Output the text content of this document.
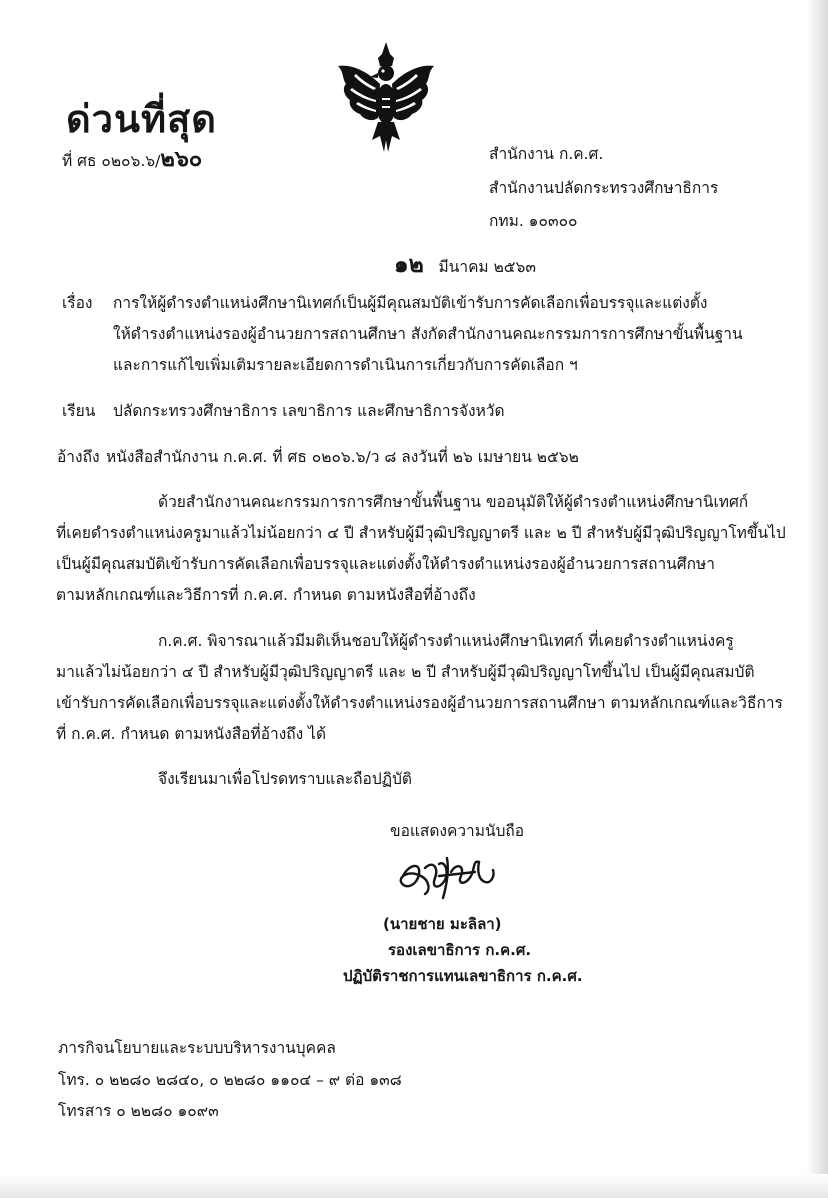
ด่วนที่สุด
ที่ ศธ ๐๒๐๖.๖/๒๖๐	สำนักงาน ก.ค.ศ.
สำนักงานปลัดกระทรวงศึกษาธิการ
กทม. ๑๐๓๐๐
๑๒ มีนาคม ๒๕๖๓
เรื่อง การให้ผู้ดำรงตำแหน่งศึกษานิเทศก์เป็นผู้มีคุณสมบัติเข้ารับการคัดเลือกเพื่อบรรจุและแต่งตั้ง
ให้ดำรงตำแหน่งรองผู้อำนวยการสถานศึกษา สังกัดสำนักงานคณะกรรมการการศึกษาขั้นพื้นฐาน
และการแก้ไขเพิ่มเติมรายละเอียดการดำเนินการเกี่ยวกับการคัดเลือก ฯ
เรียน ปลัดกระทรวงศึกษาธิการ เลขาธิการ และศึกษาธิการจังหวัด
อ้างถึง หนังสือสำนักงาน ก.ค.ศ. ที่ ศธ ๐๒๐๖.๖/ว ๘ ลงวันที่ ๒๖ เมษายน ๒๕๖๒
ด้วยสำนักงานคณะกรรมการการศึกษาขั้นพื้นฐาน ขออนุมัติให้ผู้ดำรงตำแหน่งศึกษานิเทศก์
ที่เคยดำรงตำแหน่งครูมาแล้วไม่น้อยกว่า ๔ ปี สำหรับผู้มีวุฒิปริญญาตรี และ ๒ ปี สำหรับผู้มีวุฒิปริญญาโทขึ้นไป
เป็นผู้มีคุณสมบัติเข้ารับการคัดเลือกเพื่อบรรจุและแต่งตั้งให้ดำรงตำแหน่งรองผู้อำนวยการสถานศึกษา
ตามหลักเกณฑ์และวิธีการที่ ก.ค.ศ. กำหนด ตามหนังสือที่อ้างถึง
ก.ค.ศ. พิจารณาแล้วมีมติเห็นชอบให้ผู้ดำรงตำแหน่งศึกษานิเทศก์ ที่เคยดำรงตำแหน่งครู
มาแล้วไม่น้อยกว่า ๔ ปี สำหรับผู้มีวุฒิปริญญาตรี และ ๒ ปี สำหรับผู้มีวุฒิปริญญาโทขึ้นไป เป็นผู้มีคุณสมบัติ
เข้ารับการคัดเลือกเพื่อบรรจุและแต่งตั้งให้ดำรงตำแหน่งรองผู้อำนวยการสถานศึกษา ตามหลักเกณฑ์และวิธีการ
ที่ ก.ค.ศ. กำหนด ตามหนังสือที่อ้างถึง ได้
จึงเรียนมาเพื่อโปรดทราบและถือปฏิบัติ
ขอแสดงความนับถือ
(นายชาย มะลิลา)
รองเลขาธิการ ก.ค.ศ.
ปฏิบัติราชการแทนเลขาธิการ ก.ค.ศ.
ภารกิจนโยบายและระบบบริหารงานบุคคล
โทร. ๐ ๒๒๘๐ ๒๘๔๐, ๐ ๒๒๘๐ ๑๑๐๔ – ๙ ต่อ ๑๓๘
โทรสาร ๐ ๒๒๘๐ ๑๐๙๓
